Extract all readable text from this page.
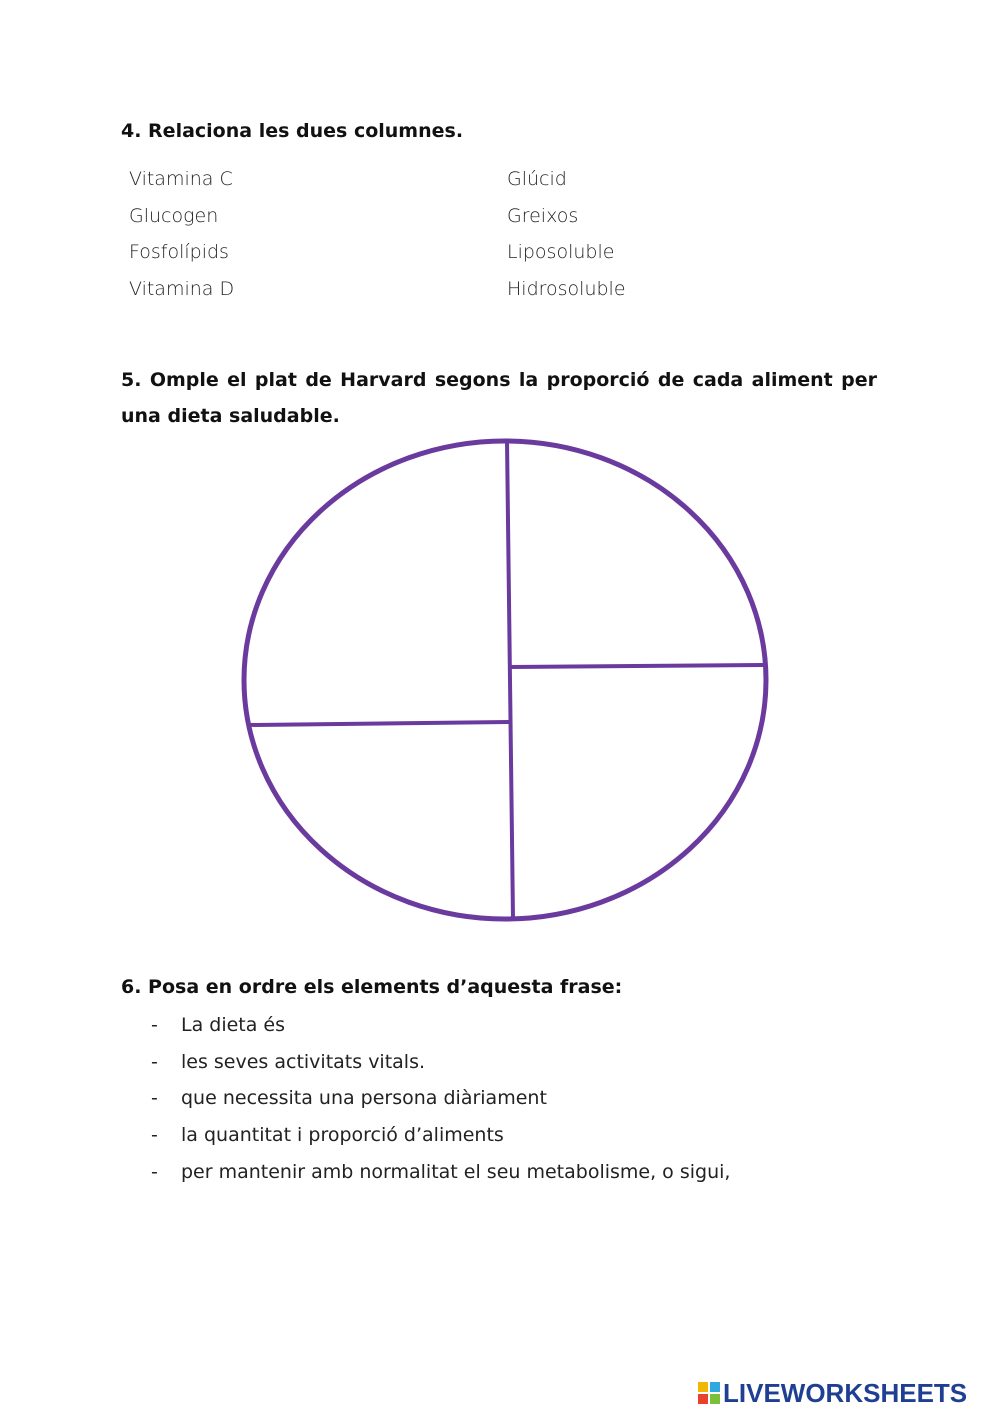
4. Relaciona les dues columnes.
Vitamina C
Glucogen
Fosfolípids
Vitamina D
Glúcid
Greixos
Liposoluble
Hidrosoluble
5. Omple el plat de Harvard segons la proporció de cada aliment per una dieta saludable.
6. Posa en ordre els elements d’aquesta frase:
- La dieta és
- les seves activitats vitals.
- que necessita una persona diàriament
- la quantitat i proporció d’aliments
- per mantenir amb normalitat el seu metabolisme, o sigui,
LIVEWORKSHEETS
